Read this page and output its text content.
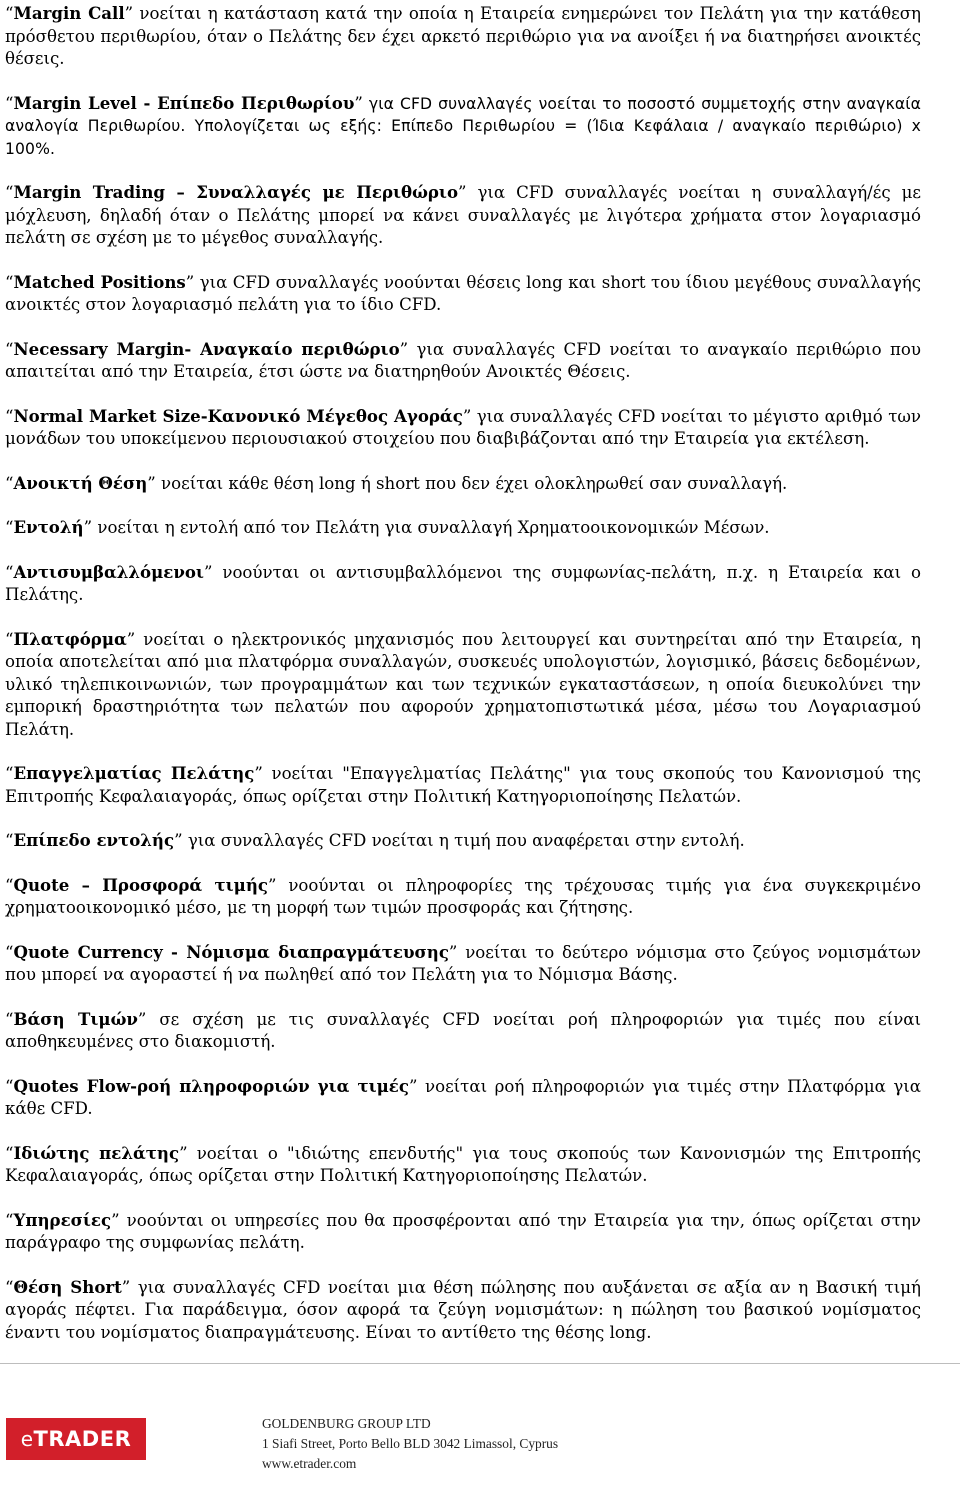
“Margin Call” νοείται η κατάσταση κατά την οποία η Εταιρεία ενημερώνει τον Πελάτη για την κατάθεση πρόσθετου περιθωρίου, όταν ο Πελάτης δεν έχει αρκετό περιθώριο για να ανοίξει ή να διατηρήσει ανοικτές θέσεις.

“Margin Level - Επίπεδο Περιθωρίου” για CFD συναλλαγές νοείται το ποσοστό συμμετοχής στην αναγκαία αναλογία Περιθωρίου. Υπολογίζεται ως εξής: Επίπεδο Περιθωρίου = (Ίδια Κεφάλαια / αναγκαίο περιθώριο) x 100%.

“Margin Trading – Συναλλαγές με Περιθώριο” για CFD συναλλαγές νοείται η συναλλαγή/ές με μόχλευση, δηλαδή όταν ο Πελάτης μπορεί να κάνει συναλλαγές με λιγότερα χρήματα στον λογαριασμό πελάτη σε σχέση με το μέγεθος συναλλαγής.

“Matched Positions” για CFD συναλλαγές νοούνται θέσεις long και short του ίδιου μεγέθους συναλλαγής ανοικτές στον λογαριασμό πελάτη για το ίδιο CFD.

“Necessary Margin- Αναγκαίο περιθώριο” για συναλλαγές CFD νοείται το αναγκαίο περιθώριο που απαιτείται από την Εταιρεία, έτσι ώστε να διατηρηθούν Ανοικτές Θέσεις.

“Normal Market Size-Κανονικό Μέγεθος Αγοράς” για συναλλαγές CFD νοείται το μέγιστο αριθμό των μονάδων του υποκείμενου περιουσιακού στοιχείου που διαβιβάζονται από την Εταιρεία για εκτέλεση.

“Ανοικτή Θέση” νοείται κάθε θέση long ή short που δεν έχει ολοκληρωθεί σαν συναλλαγή.

“Εντολή” νοείται η εντολή από τον Πελάτη για συναλλαγή Χρηματοοικονομικών Μέσων.

“Αντισυμβαλλόμενοι” νοούνται οι αντισυμβαλλόμενοι της συμφωνίας-πελάτη, π.χ. η Εταιρεία και ο Πελάτης.

“Πλατφόρμα” νοείται ο ηλεκτρονικός μηχανισμός που λειτουργεί και συντηρείται από την Εταιρεία, η οποία αποτελείται από μια πλατφόρμα συναλλαγών, συσκευές υπολογιστών, λογισμικό, βάσεις δεδομένων, υλικό τηλεπικοινωνιών, των προγραμμάτων και των τεχνικών εγκαταστάσεων, η οποία διευκολύνει την εμπορική δραστηριότητα των πελατών που αφορούν χρηματοπιστωτικά μέσα, μέσω του Λογαριασμού Πελάτη.

“Επαγγελματίας Πελάτης” νοείται "Επαγγελματίας Πελάτης" για τους σκοπούς του Κανονισμού της Επιτροπής Κεφαλαιαγοράς, όπως ορίζεται στην Πολιτική Κατηγοριοποίησης Πελατών.

“Επίπεδο εντολής” για συναλλαγές CFD νοείται η τιμή που αναφέρεται στην εντολή.

“Quote – Προσφορά τιμής” νοούνται οι πληροφορίες της τρέχουσας τιμής για ένα συγκεκριμένο χρηματοοικονομικό μέσο, με τη μορφή των τιμών προσφοράς και ζήτησης.

“Quote Currency - Νόμισμα διαπραγμάτευσης” νοείται το δεύτερο νόμισμα στο ζεύγος νομισμάτων που μπορεί να αγοραστεί ή να πωληθεί από τον Πελάτη για το Νόμισμα Βάσης.

“Βάση Τιμών” σε σχέση με τις συναλλαγές CFD νοείται ροή πληροφοριών για τιμές που είναι αποθηκευμένες στο διακομιστή.

“Quotes Flow-ροή πληροφοριών για τιμές” νοείται ροή πληροφοριών για τιμές στην Πλατφόρμα για κάθε CFD.

“Ιδιώτης πελάτης” νοείται ο "ιδιώτης επενδυτής" για τους σκοπούς των Κανονισμών της Επιτροπής Κεφαλαιαγοράς, όπως ορίζεται στην Πολιτική Κατηγοριοποίησης Πελατών.

“Υπηρεσίες” νοούνται οι υπηρεσίες που θα προσφέρονται από την Εταιρεία για την, όπως ορίζεται στην παράγραφο της συμφωνίας πελάτη.

“Θέση Short” για συναλλαγές CFD νοείται μια θέση πώλησης που αυξάνεται σε αξία αν η Βασική τιμή αγοράς πέφτει. Για παράδειγμα, όσον αφορά τα ζεύγη νομισμάτων: η πώληση του βασικού νομίσματος έναντι του νομίσματος διαπραγμάτευσης. Είναι το αντίθετο της θέσης long.

eTRADER
GOLDENBURG GROUP LTD
1 Siafi Street, Porto Bello BLD 3042 Limassol, Cyprus
www.etrader.com
